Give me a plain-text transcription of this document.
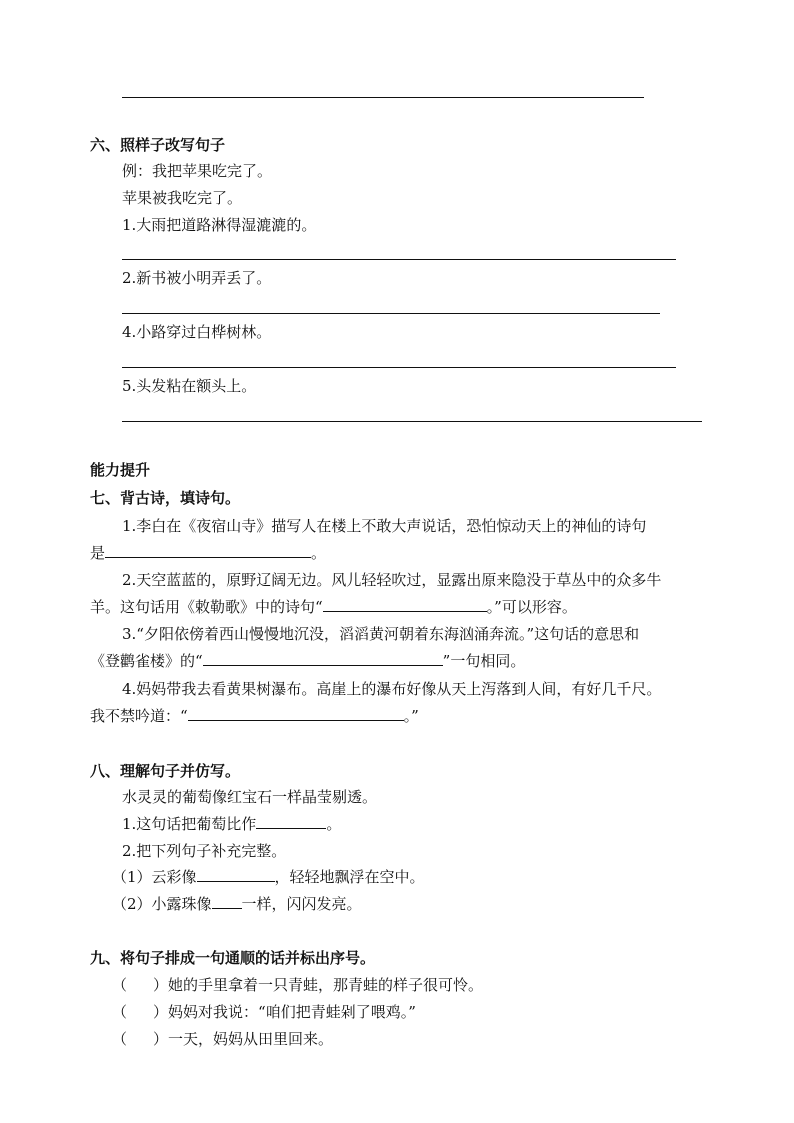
六、照样子改写句子
例：我把苹果吃完了。
苹果被我吃完了。
1.大雨把道路淋得湿漉漉的。
2.新书被小明弄丢了。
4.小路穿过白桦树林。
5.头发粘在额头上。
能力提升
七、背古诗，填诗句。
1.李白在《夜宿山寺》描写人在楼上不敢大声说话，恐怕惊动天上的神仙的诗句
是	。
2.天空蓝蓝的，原野辽阔无边。风儿轻轻吹过，显露出原来隐没于草丛中的众多牛
羊。这句话用《敕勒歌》中的诗句“	。”可以形容。
3.“夕阳依傍着西山慢慢地沉没，滔滔黄河朝着东海汹涌奔流。”这句话的意思和
《登鹳雀楼》的“	”一句相同。
4.妈妈带我去看黄果树瀑布。高崖上的瀑布好像从天上泻落到人间，有好几千尺。
我不禁吟道：“	。”
八、理解句子并仿写。
水灵灵的葡萄像红宝石一样晶莹剔透。
1.这句话把葡萄比作	。
2.把下列句子补充完整。
（1）云彩像	，轻轻地飘浮在空中。
（2）小露珠像 一样，闪闪发亮。
九、将句子排成一句通顺的话并标出序号。
（ ）她的手里拿着一只青蛙，那青蛙的样子很可怜。
（ ）妈妈对我说：“咱们把青蛙剁了喂鸡。”
（ ）一天，妈妈从田里回来。
